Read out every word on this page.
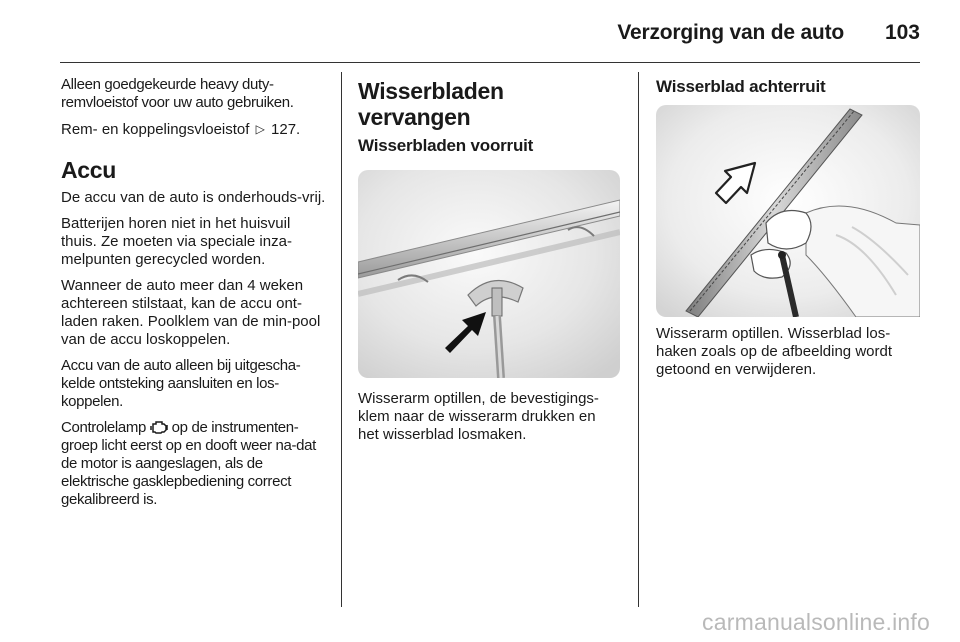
Verzorging van de auto 103

Alleen goedgekeurde heavy duty-remvloeistof voor uw auto gebruiken.

Rem- en koppelingsvloeistof ▷ 127.

Accu

De accu van de auto is onderhouds-vrij.

Batterijen horen niet in het huisvuil thuis. Ze moeten via speciale inza-melpunten gerecycled worden.

Wanneer de auto meer dan 4 weken achtereen stilstaat, kan de accu ont-laden raken. Poolklem van de min-pool van de accu loskoppelen.

Accu van de auto alleen bij uitgescha-kelde ontsteking aansluiten en los-koppelen.

Controlelamp op de instrumenten-groep licht eerst op en dooft weer na-dat de motor is aangeslagen, als de elektrische gasklepbediening correct gekalibreerd is.

Wisserbladen vervangen
Wisserbladen voorruit

Wisserarm optillen, de bevestigings-klem naar de wisserarm drukken en het wisserblad losmaken.

Wisserblad achterruit

Wisserarm optillen. Wisserblad los-haken zoals op de afbeelding wordt getoond en verwijderen.

carmanualsonline.info
